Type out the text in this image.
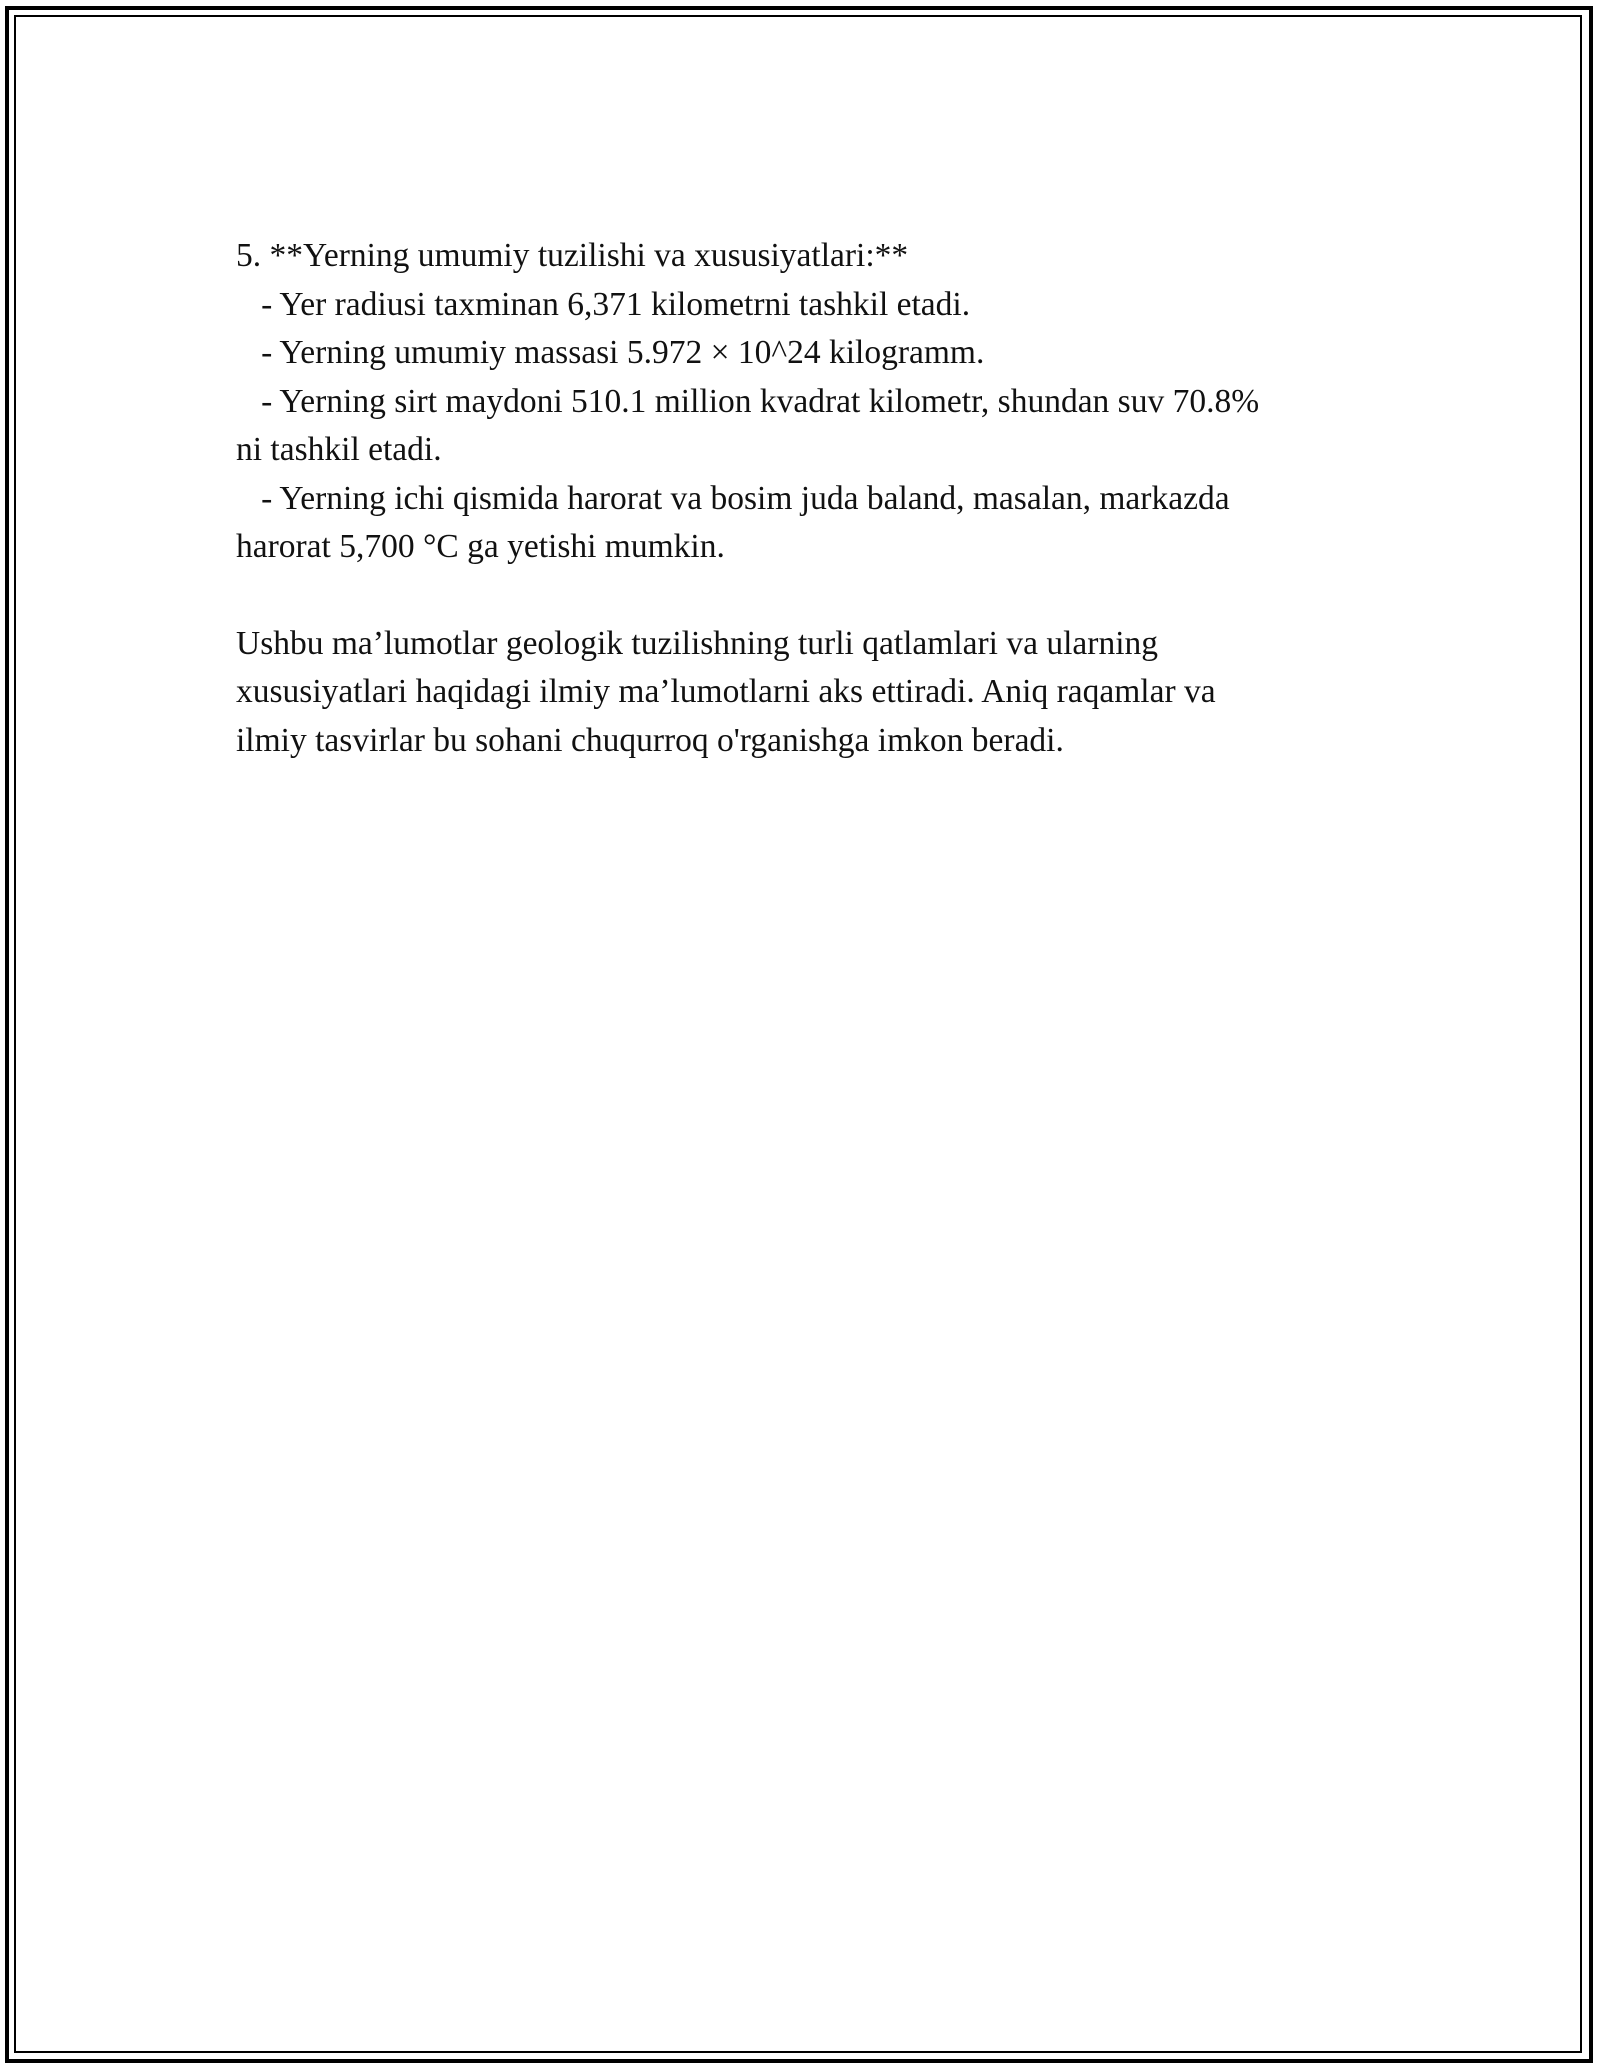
5. **Yerning umumiy tuzilishi va xususiyatlari:**
- Yer radiusi taxminan 6,371 kilometrni tashkil etadi.
- Yerning umumiy massasi 5.972 × 10^24 kilogramm.
- Yerning sirt maydoni 510.1 million kvadrat kilometr, shundan suv 70.8%
ni tashkil etadi.
- Yerning ichi qismida harorat va bosim juda baland, masalan, markazda
harorat 5,700 °C ga yetishi mumkin.
Ushbu ma’lumotlar geologik tuzilishning turli qatlamlari va ularning
xususiyatlari haqidagi ilmiy ma’lumotlarni aks ettiradi. Aniq raqamlar va
ilmiy tasvirlar bu sohani chuqurroq o'rganishga imkon beradi.
